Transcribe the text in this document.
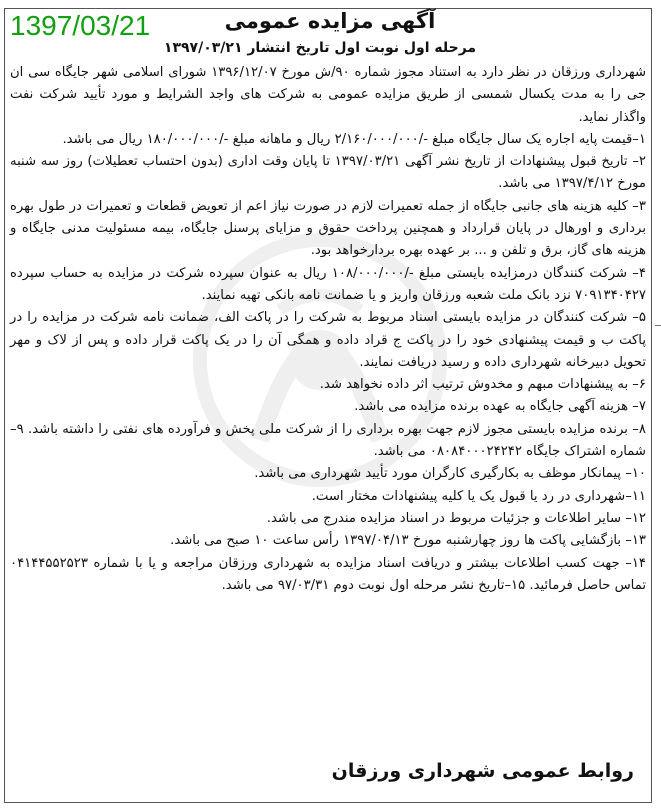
1397/03/21	آگهی مزایده عمومی
مرحله اول نوبت اول تاریخ انتشار ۱۳۹۷/۰۳/۲۱

شهرداری ورزقان در نظر دارد به استناد مجوز شماره ۹۰/ش مورخ ۱۳۹۶/۱۲/۰۷ شورای اسلامی شهر جایگاه سی ان جی را به مدت یکسال شمسی از طریق مزایده عمومی به شرکت های واجد الشرایط و مورد تأیید شرکت نفت واگذار نماید.

۱–قیمت پایه اجاره یک سال جایگاه مبلغ -/۲/۱۶۰/۰۰۰/۰۰۰ ریال و ماهانه مبلغ -/۱۸۰/۰۰۰/۰۰۰ ریال می باشد.

۲– تاریخ قبول پیشنهادات از تاریخ نشر آگهی ۱۳۹۷/۰۳/۲۱ تا پایان وقت اداری (بدون احتساب تعطیلات) روز سه شنبه مورخ ۱۳۹۷/۴/۱۲ می باشد.

۳– کلیه هزینه های جانبی جایگاه از جمله تعمیرات لازم در صورت نیاز اعم از تعویض قطعات و تعمیرات در طول بهره برداری و اورهال در پایان قرارداد و همچنین پرداخت حقوق و مزایای پرسنل جایگاه، بیمه مسئولیت مدنی جایگاه و هزینه های گاز، برق و تلفن و ... بر عهده بهره بردارخواهد بود.

۴– شرکت کنندگان درمزایده بایستی مبلغ -/۱۰۸/۰۰۰/۰۰۰ ریال به عنوان سپرده شرکت در مزایده به حساب سپرده ۷۰۹۱۳۴۰۴۲۷ نزد بانک ملت شعبه ورزقان واریز و یا ضمانت نامه بانکی تهیه نمایند.

۵– شرکت کنندگان در مزایده بایستی اسناد مربوط به شرکت را در پاکت الف، ضمانت نامه شرکت در مزایده را در پاکت ب و قیمت پیشنهادی خود را در پاکت ج قراد داده و همگی آن را در یک پاکت قرار داده و پس از لاک و مهر تحویل دبیرخانه شهرداری داده و رسید دریافت نمایند.

۶– به پیشنهادات مبهم و مخدوش ترتیب اثر داده نخواهد شد.

۷– هزینه آگهی جایگاه به عهده برنده مزایده می باشد.

۸– برنده مزایده بایستی مجوز لازم جهت بهره برداری را از شرکت ملی پخش و فرآورده های نفتی را داشته باشد. ۹– شماره اشتراک جایگاه ۰۸۰۸۴۰۰۰۲۴۲۴۲ می باشد.

۱۰– پیمانکار موظف به بکارگیری کارگران مورد تأیید شهرداری می باشد.

۱۱–شهرداری در رد یا قبول یک یا کلیه پیشنهادات مختار است.

۱۲– سایر اطلاعات و جزئیات مربوط در اسناد مزایده مندرج می باشد.

۱۳– بازگشایی پاکت ها روز چهارشنبه مورخ ۱۳۹۷/۰۴/۱۳ رأس ساعت ۱۰ صبح می باشد.

۱۴– جهت کسب اطلاعات بیشتر و دریافت اسناد مزایده به شهرداری ورزقان مراجعه و یا با شماره ۰۴۱۴۴۵۵۲۵۲۳ تماس حاصل فرمائید. ۱۵–تاریخ نشر مرحله اول نوبت دوم ۹۷/۰۳/۳۱ می باشد.

روابط عمومی شهرداری ورزقان
